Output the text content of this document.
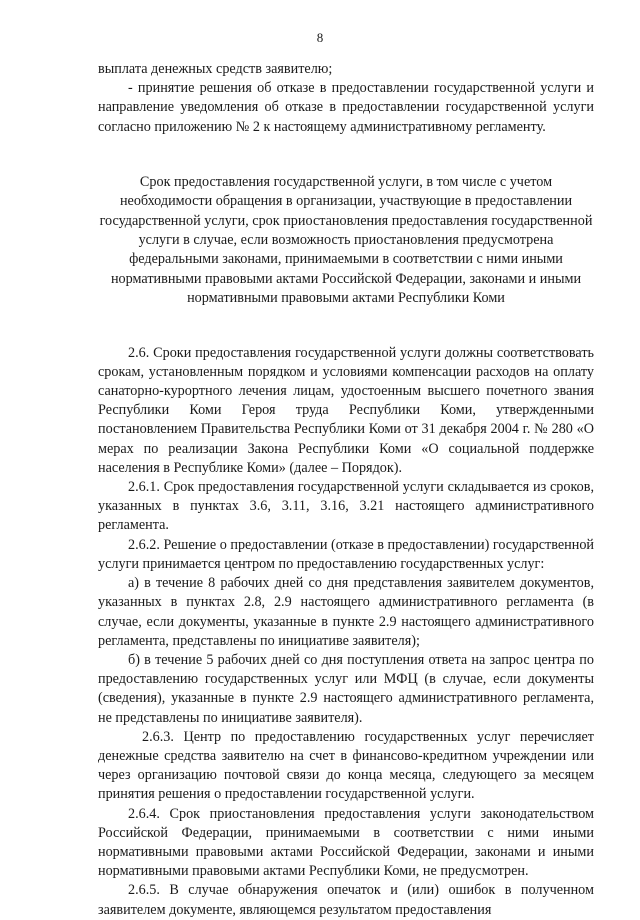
8

выплата денежных средств заявителю;

- принятие решения об отказе в предоставлении государственной услуги и направление уведомления об отказе в предоставлении государственной услуги согласно приложению № 2 к настоящему административному регламенту.

Срок предоставления государственной услуги, в том числе с учетом необходимости обращения в организации, участвующие в предоставлении государственной услуги, срок приостановления предоставления государственной услуги в случае, если возможность приостановления предусмотрена федеральными законами, принимаемыми в соответствии с ними иными нормативными правовыми актами Российской Федерации, законами и иными нормативными правовыми актами Республики Коми

2.6. Сроки предоставления государственной услуги должны соответствовать срокам, установленным порядком и условиями компенсации расходов на оплату санаторно-курортного лечения лицам, удостоенным высшего почетного звания Республики Коми Героя труда Республики Коми, утвержденными постановлением Правительства Республики Коми от 31 декабря 2004 г. № 280 «О мерах по реализации Закона Республики Коми «О социальной поддержке населения в Республике Коми» (далее – Порядок).

2.6.1. Срок предоставления государственной услуги складывается из сроков, указанных в пунктах 3.6, 3.11, 3.16, 3.21 настоящего административного регламента.

2.6.2. Решение о предоставлении (отказе в предоставлении) государственной услуги принимается центром по предоставлению государственных услуг:

а) в течение 8 рабочих дней со дня представления заявителем документов, указанных в пунктах 2.8, 2.9 настоящего административного регламента (в случае, если документы, указанные в пункте 2.9 настоящего административного регламента, представлены по инициативе заявителя);

б) в течение 5 рабочих дней со дня поступления ответа на запрос центра по предоставлению государственных услуг или МФЦ (в случае, если документы (сведения), указанные в пункте 2.9 настоящего административного регламента, не представлены по инициативе заявителя).

2.6.3. Центр по предоставлению государственных услуг перечисляет денежные средства заявителю на счет в финансово-кредитном учреждении или через организацию почтовой связи до конца месяца, следующего за месяцем принятия решения о предоставлении государственной услуги.

2.6.4. Срок приостановления предоставления услуги законодательством Российской Федерации, принимаемыми в соответствии с ними иными нормативными правовыми актами Российской Федерации, законами и иными нормативными правовыми актами Республики Коми, не предусмотрен.

2.6.5. В случае обнаружения опечаток и (или) ошибок в полученном заявителем документе, являющемся результатом предоставления
